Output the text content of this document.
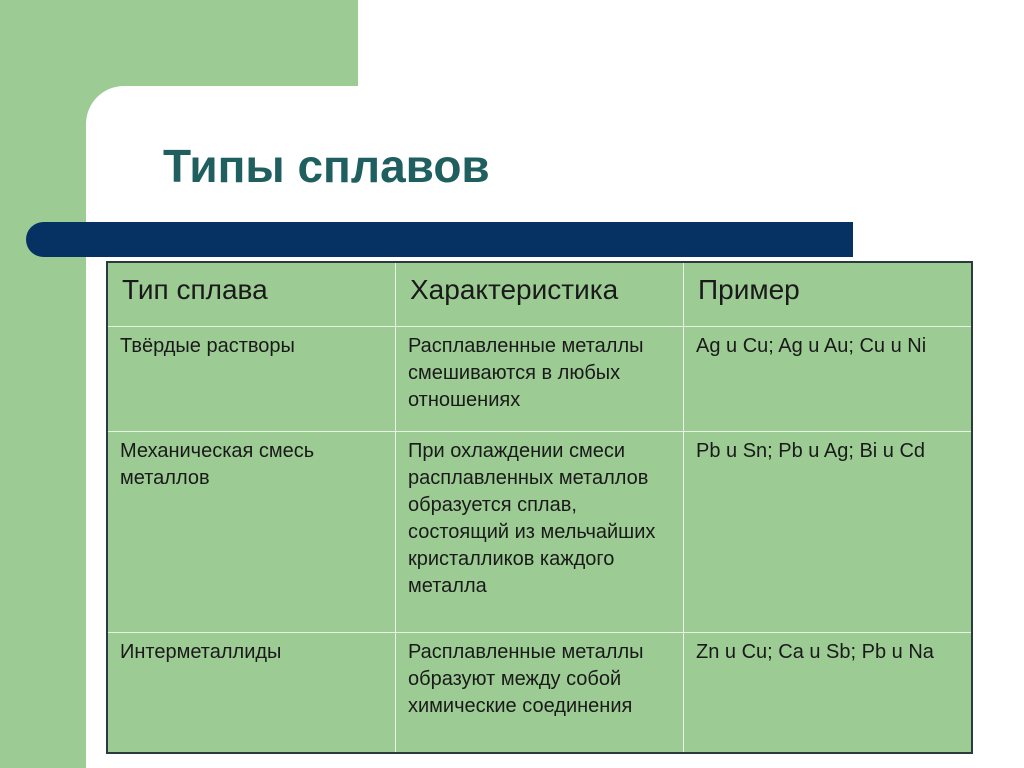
Типы сплавов
Тип сплава	Характеристика	Пример
Твёрдые растворы	Расплавленные металлы смешиваются в любых отношениях	Ag u Cu; Ag u Au; Cu u Ni
Механическая смесь металлов	При охлаждении смеси расплавленных металлов образуется сплав, состоящий из мельчайших кристалликов каждого металла	Pb u Sn; Pb u Ag; Bi u Cd
Интерметаллиды	Расплавленные металлы образуют между собой химические соединения	Zn u Cu; Ca u Sb; Pb u Na
